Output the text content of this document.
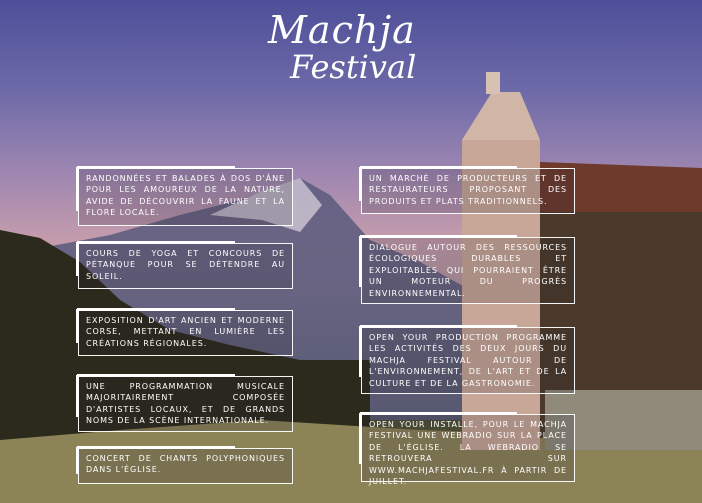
Machja
Festival

RANDONNÉES ET BALADES À DOS D'ÂNE POUR LES AMOUREUX DE LA NATURE, AVIDE DE DÉCOUVRIR LA FAUNE ET LA FLORE LOCALE.

COURS DE YOGA ET CONCOURS DE PÉTANQUE POUR SE DÉTENDRE AU SOLEIL.

EXPOSITION D'ART ANCIEN ET MODERNE CORSE, METTANT EN LUMIÈRE LES CRÉATIONS RÉGIONALES.

UNE PROGRAMMATION MUSICALE MAJORITAIREMENT COMPOSÉE D'ARTISTES LOCAUX, ET DE GRANDS NOMS DE LA SCÈNE INTERNATIONALE.

CONCERT DE CHANTS POLYPHONIQUES DANS L'ÉGLISE.

UN MARCHÉ DE PRODUCTEURS ET DE RESTAURATEURS PROPOSANT DES PRODUITS ET PLATS TRADITIONNELS.

DIALOGUE AUTOUR DES RESSOURCES ÉCOLOGIQUES DURABLES ET EXPLOITABLES QUI POURRAIENT ÊTRE UN MOTEUR DU PROGRÈS ENVIRONNEMENTAL.

OPEN YOUR PRODUCTION PROGRAMME LES ACTIVITÉS DES DEUX JOURS DU MACHJA FESTIVAL AUTOUR DE L'ENVIRONNEMENT, DE L'ART ET DE LA CULTURE ET DE LA GASTRONOMIE.

OPEN YOUR INSTALLE, POUR LE MACHJA FESTIVAL UNE WEBRADIO SUR LA PLACE DE L'ÉGLISE. LA WEBRADIO SE RETROUVERA SUR WWW.MACHJAFESTIVAL.FR À PARTIR DE JUILLET.
